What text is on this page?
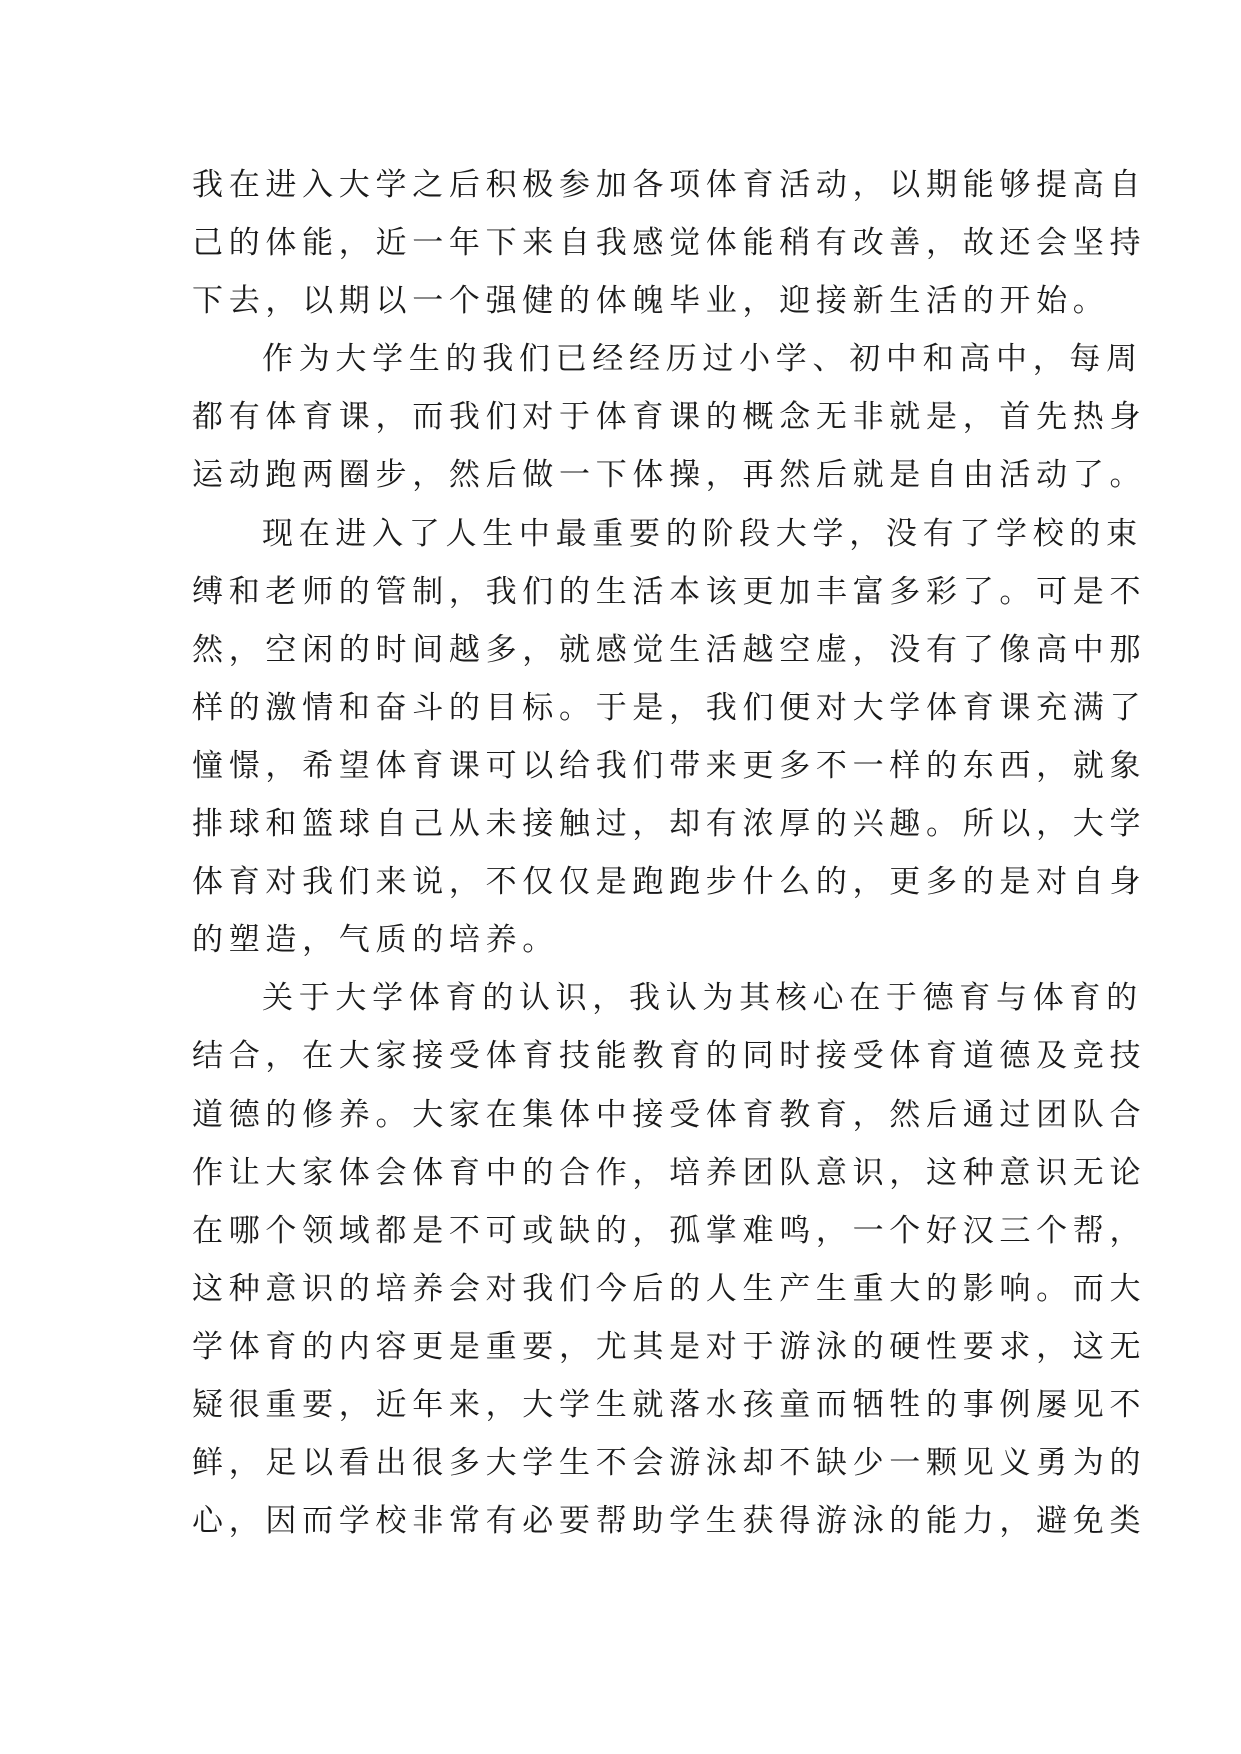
我在进入大学之后积极参加各项体育活动，以期能够提高自
己的体能，近一年下来自我感觉体能稍有改善，故还会坚持
下去，以期以一个强健的体魄毕业，迎接新生活的开始。

作为大学生的我们已经经历过小学、初中和高中，每周
都有体育课，而我们对于体育课的概念无非就是，首先热身
运动跑两圈步，然后做一下体操，再然后就是自由活动了。

现在进入了人生中最重要的阶段大学，没有了学校的束
缚和老师的管制，我们的生活本该更加丰富多彩了。可是不
然，空闲的时间越多，就感觉生活越空虚，没有了像高中那
样的激情和奋斗的目标。于是，我们便对大学体育课充满了
憧憬，希望体育课可以给我们带来更多不一样的东西，就象
排球和篮球自己从未接触过，却有浓厚的兴趣。所以，大学
体育对我们来说，不仅仅是跑跑步什么的，更多的是对自身
的塑造，气质的培养。

关于大学体育的认识，我认为其核心在于德育与体育的
结合，在大家接受体育技能教育的同时接受体育道德及竞技
道德的修养。大家在集体中接受体育教育，然后通过团队合
作让大家体会体育中的合作，培养团队意识，这种意识无论
在哪个领域都是不可或缺的，孤掌难鸣，一个好汉三个帮，
这种意识的培养会对我们今后的人生产生重大的影响。而大
学体育的内容更是重要，尤其是对于游泳的硬性要求，这无
疑很重要，近年来，大学生就落水孩童而牺牲的事例屡见不
鲜，足以看出很多大学生不会游泳却不缺少一颗见义勇为的
心，因而学校非常有必要帮助学生获得游泳的能力，避免类
